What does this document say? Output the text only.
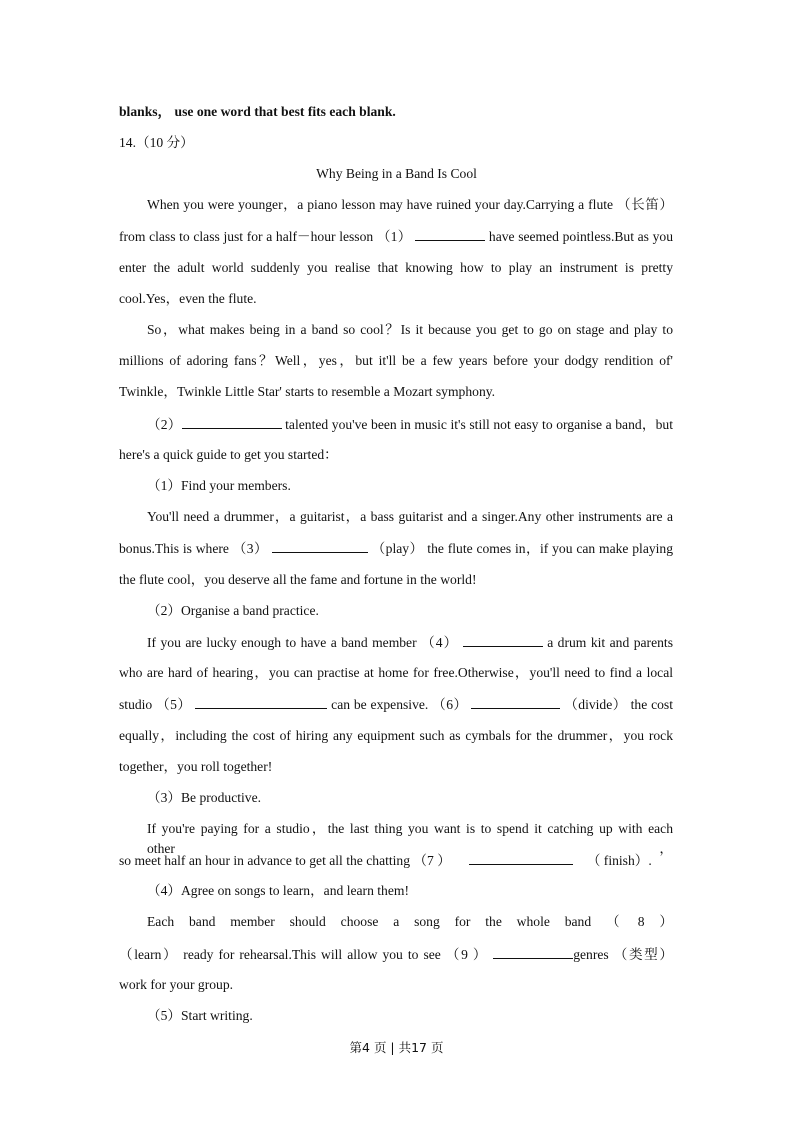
blanks， use one word that best fits each blank.
14.（10 分）
Why Being in a Band Is Cool
When you were younger，a piano lesson may have ruined your day.Carrying a flute （长笛）
from class to class just for a half－hour lesson （1）	have seemed pointless.But as you
enter the adult world suddenly you realise that knowing how to play an instrument is pretty
cool.Yes，even the flute.
So，what makes being in a band so cool？Is it because you get to go on stage and play to
millions of adoring fans？Well，yes，but it'll be a few years before your dodgy rendition of'
Twinkle，Twinkle Little Star' starts to resemble a Mozart symphony.
（2）	talented you've been in music it's still not easy to organise a band，but
here's a quick guide to get you started：
（1）Find your members.
You'll need a drummer，a guitarist，a bass guitarist and a singer.Any other instruments are a
bonus.This is where （3）	（play） the flute comes in，if you can make playing
the flute cool，you deserve all the fame and fortune in the world!
（2）Organise a band practice.
If you are lucky enough to have a band member （4）	a drum kit and parents
who are hard of hearing，you can practise at home for free.Otherwise，you'll need to find a local
studio （5）	can be expensive. （6）	（divide） the cost
equally，including the cost of hiring any equipment such as cymbals for the drummer，you rock
together，you roll together!
（3）Be productive.
If you're paying for a studio，the last thing you want is to spend it catching up with each other，
so meet half an hour in advance to get all the chatting （7 ）	（ finish）.
（4）Agree on songs to learn，and learn them!
Each band member should choose a song for the whole band （ 8 ）
（learn） ready for rehearsal.This will allow you to see （9 ）	genres （类型）
work for your group.
（5）Start writing.
第4 页 | 共17 页
